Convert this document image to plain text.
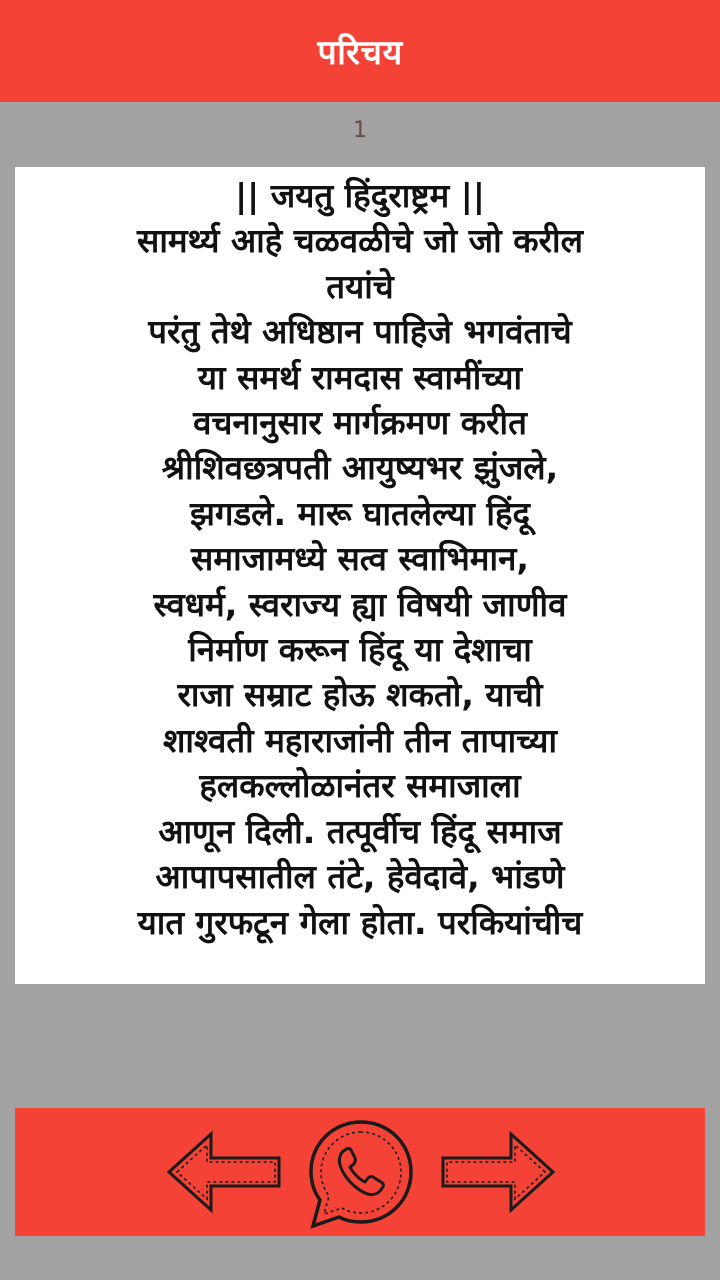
परिचय
1
|| जयतु हिंदुराष्ट्रम ||
सामर्थ्य आहे चळवळीचे जो जो करील
तयांचे
परंतु तेथे अधिष्ठान पाहिजे भगवंताचे
या समर्थ रामदास स्वामींच्या
वचनानुसार मार्गक्रमण करीत
श्रीशिवछत्रपती आयुष्यभर झुंजले,
झगडले. मारू घातलेल्या हिंदू
समाजामध्ये सत्व स्वाभिमान,
स्वधर्म, स्वराज्य ह्या विषयी जाणीव
निर्माण करून हिंदू या देशाचा
राजा सम्राट होऊ शकतो, याची
शाश्वती महाराजांनी तीन तापाच्या
हलकल्लोळानंतर समाजाला
आणून दिली. तत्पूर्वीच हिंदू समाज
आपापसातील तंटे, हेवेदावे, भांडणे
यात गुरफटून गेला होता. परकियांचीच
